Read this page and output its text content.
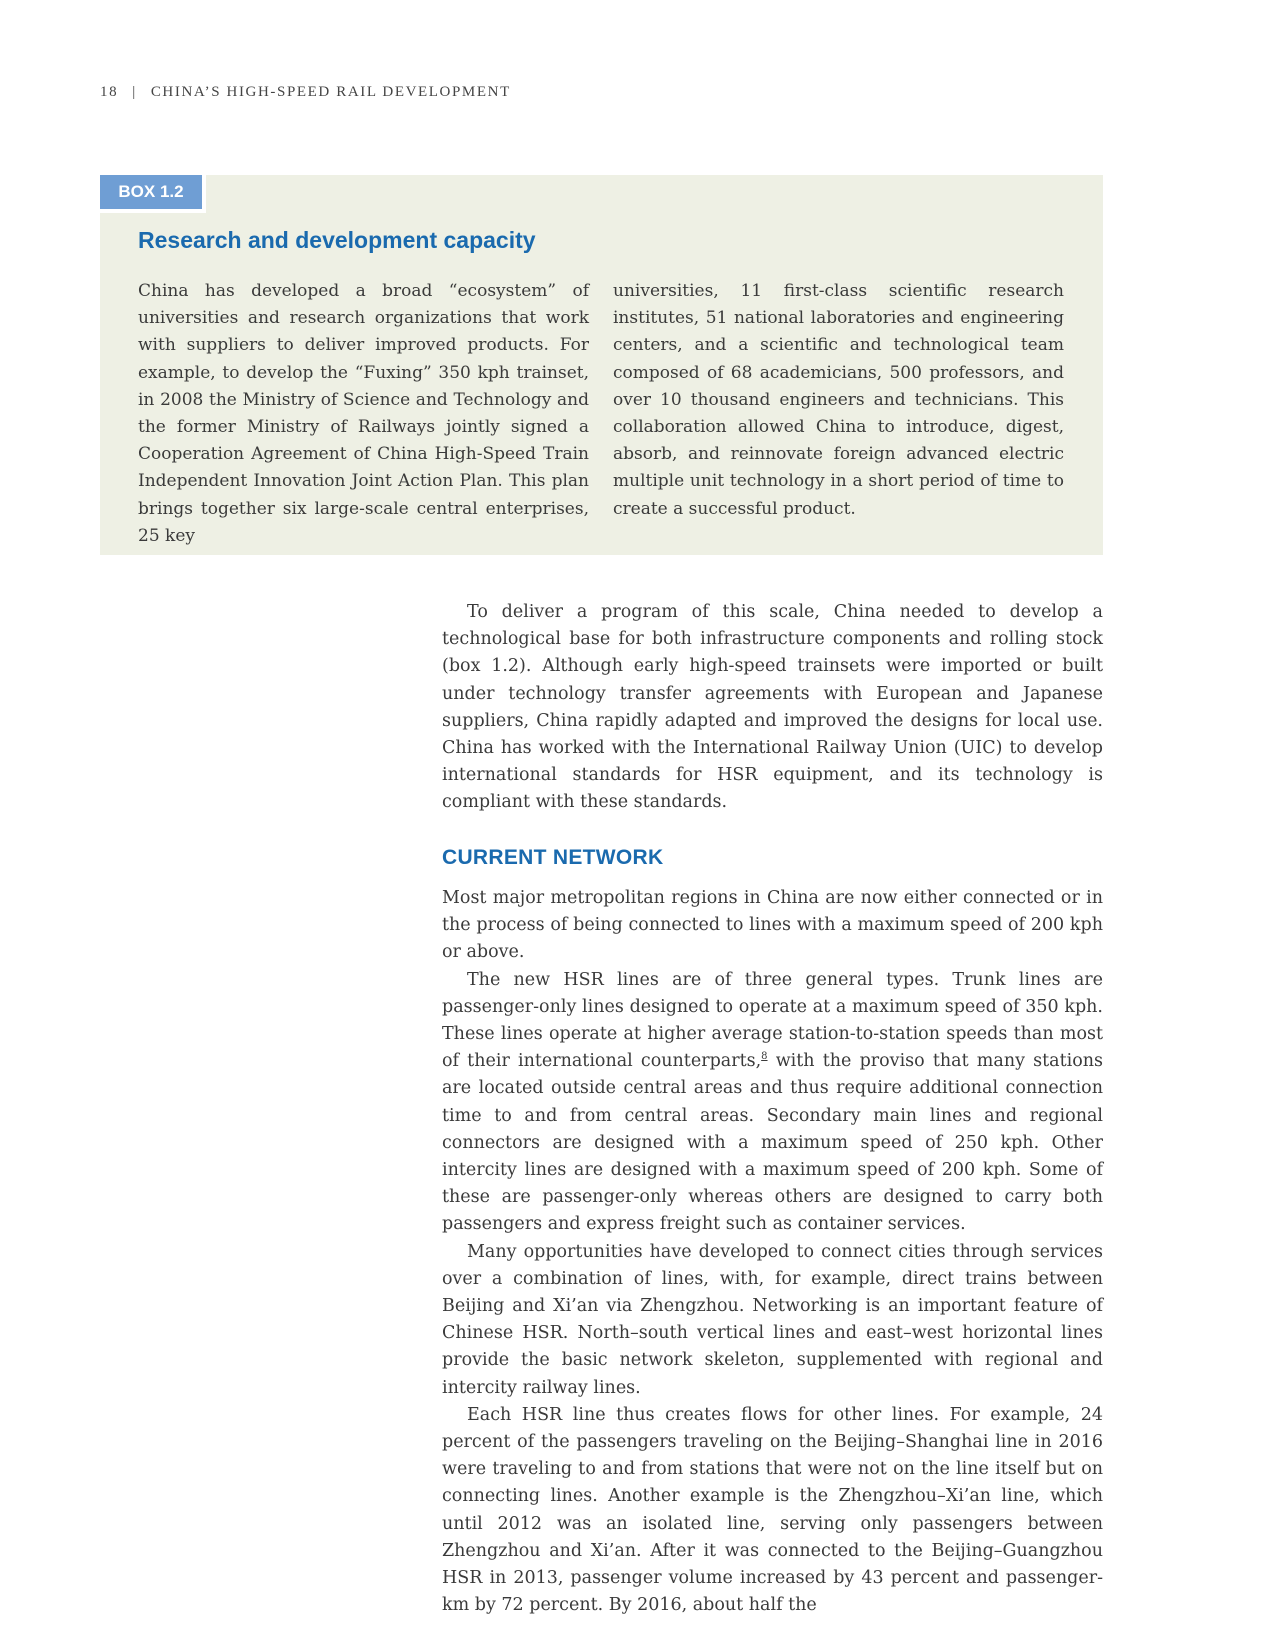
18 | CHINA’S HIGH-SPEED RAIL DEVELOPMENT
BOX 1.2
Research and development capacity

China has developed a broad “ecosystem” of universities and research organizations that work with suppliers to deliver improved products. For example, to develop the “Fuxing” 350 kph trainset, in 2008 the Ministry of Science and Technology and the former Ministry of Railways jointly signed a Cooperation Agreement of China High-Speed Train Independent Innovation Joint Action Plan. This plan brings together six large-scale central enterprises, 25 key

universities, 11 first-class scientific research institutes, 51 national laboratories and engineering centers, and a scientific and technological team composed of 68 academicians, 500 professors, and over 10 thousand engineers and technicians. This collaboration allowed China to introduce, digest, absorb, and reinnovate foreign advanced electric multiple unit technology in a short period of time to create a successful product.

To deliver a program of this scale, China needed to develop a technological base for both infrastructure components and rolling stock (box 1.2). Although early high-speed trainsets were imported or built under technology transfer agreements with European and Japanese suppliers, China rapidly adapted and improved the designs for local use. China has worked with the International Railway Union (UIC) to develop international standards for HSR equipment, and its technology is compliant with these standards.

CURRENT NETWORK

Most major metropolitan regions in China are now either connected or in the process of being connected to lines with a maximum speed of 200 kph or above.

The new HSR lines are of three general types. Trunk lines are passenger-only lines designed to operate at a maximum speed of 350 kph. These lines operate at higher average station-to-station speeds than most of their international counterparts,$^8$ with the proviso that many stations are located outside central areas and thus require additional connection time to and from central areas. Secondary main lines and regional connectors are designed with a maximum speed of 250 kph. Other intercity lines are designed with a maximum speed of 200 kph. Some of these are passenger-only whereas others are designed to carry both passengers and express freight such as container services.

Many opportunities have developed to connect cities through services over a combination of lines, with, for example, direct trains between Beijing and Xi’an via Zhengzhou. Networking is an important feature of Chinese HSR. North–south vertical lines and east–west horizontal lines provide the basic network skeleton, supplemented with regional and intercity railway lines.

Each HSR line thus creates flows for other lines. For example, 24 percent of the passengers traveling on the Beijing–Shanghai line in 2016 were traveling to and from stations that were not on the line itself but on connecting lines. Another example is the Zhengzhou–Xi’an line, which until 2012 was an isolated line, serving only passengers between Zhengzhou and Xi’an. After it was connected to the Beijing–Guangzhou HSR in 2013, passenger volume increased by 43 percent and passenger-km by 72 percent. By 2016, about half the
